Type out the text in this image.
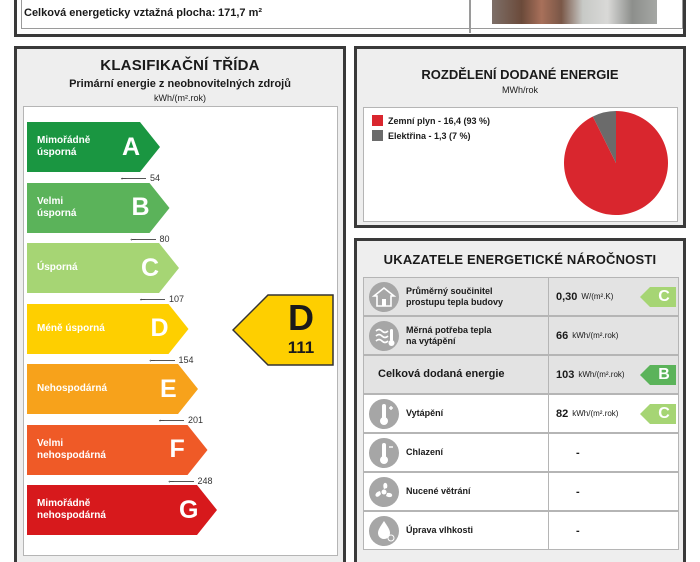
Celková energeticky vztažná plocha: 171,7 m²
KLASIFIKAČNÍ TŘÍDA
Primární energie z neobnovitelných zdrojů
kWh/(m².rok)
Mimořádně
úsporná	A
← 54
Velmi
úsporná B
← 80
Úsporná	C
← 107
Méně úsporná D
← 154
Nehospodárná E
← 201
Velmi
nehospodárná	F
← 248
Mimořádně
nehospodárná	G
D
111
ROZDĚLENÍ DODANÉ ENERGIE
MWh/rok
Zemní plyn - 16,4 (93 %)
Elektřina - 1,3 (7 %)
UKAZATELE ENERGETICKÉ NÁROČNOSTI
Průměrný součinitel
prostupu tepla budovy	0,30 W/(m².K)	C
Měrná potřeba tepla
na vytápění	66 kWh/(m².rok)
Celková dodaná energie	103 kWh/(m².rok)	B
Vytápění	82 kWh/(m².rok)	C
Chlazení	-
Nucené větrání	-
Úprava vlhkosti	-
